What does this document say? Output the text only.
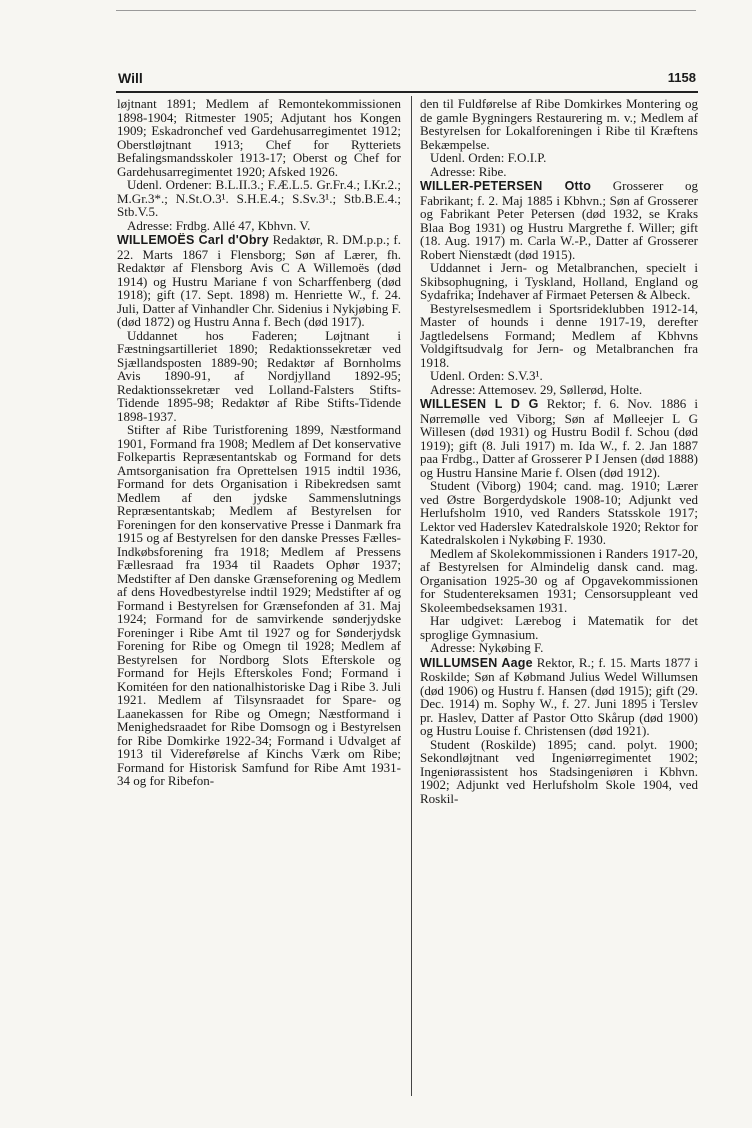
Will	1158

løjtnant 1891; Medlem af Remontekommissionen 1898-1904; Ritmester 1905; Adjutant hos Kongen 1909; Eskadronchef ved Gardehusarregimentet 1912; Oberstløjtnant 1913; Chef for Rytteriets Befalingsmandsskoler 1913-17; Oberst og Chef for Gardehusarregimentet 1920; Afsked 1926.

Udenl. Ordener: B.L.II.3.; F.Æ.L.5. Gr.Fr.4.; I.Kr.2.; M.Gr.3*.; N.St.O.3¹. S.H.E.4.; S.Sv.3¹.; Stb.B.E.4.; Stb.V.5.

Adresse: Frdbg. Allé 47, Kbhvn. V.

WILLEMOËS Carl d'Obry Redaktør, R. DM.p.p.; f. 22. Marts 1867 i Flensborg; Søn af Lærer, fh. Redaktør af Flensborg Avis C A Willemoës (død 1914) og Hustru Mariane f von Scharffenberg (død 1918); gift (17. Sept. 1898) m. Henriette W., f. 24. Juli, Datter af Vinhandler Chr. Sidenius i Nykjøbing F. (død 1872) og Hustru Anna f. Bech (død 1917).

Uddannet hos Faderen; Løjtnant i Fæstningsartilleriet 1890; Redaktionssekretær ved Sjællandsposten 1889-90; Redaktør af Bornholms Avis 1890-91, af Nordjylland 1892-95; Redaktionssekretær ved Lolland-Falsters Stifts-Tidende 1895-98; Redaktør af Ribe Stifts-Tidende 1898-1937.

Stifter af Ribe Turistforening 1899, Næstformand 1901, Formand fra 1908; Medlem af Det konservative Folkepartis Repræsentantskab og Formand for dets Amtsorganisation fra Oprettelsen 1915 indtil 1936, Formand for dets Organisation i Ribekredsen samt Medlem af den jydske Sammenslutnings Repræsentantskab; Medlem af Bestyrelsen for Foreningen for den konservative Presse i Danmark fra 1915 og af Bestyrelsen for den danske Presses Fælles-Indkøbsforening fra 1918; Medlem af Pressens Fællesraad fra 1934 til Raadets Ophør 1937; Medstifter af Den danske Grænseforening og Medlem af dens Hovedbestyrelse indtil 1929; Medstifter af og Formand i Bestyrelsen for Grænsefonden af 31. Maj 1924; Formand for de samvirkende sønderjydske Foreninger i Ribe Amt til 1927 og for Sønderjydsk Forening for Ribe og Omegn til 1928; Medlem af Bestyrelsen for Nordborg Slots Efterskole og Formand for Hejls Efterskoles Fond; Formand i Komitéen for den nationalhistoriske Dag i Ribe 3. Juli 1921. Medlem af Tilsynsraadet for Spare- og Laanekassen for Ribe og Omegn; Næstformand i Menighedsraadet for Ribe Domsogn og i Bestyrelsen for Ribe Domkirke 1922-34; Formand i Udvalget af 1913 til Videreførelse af Kinchs Værk om Ribe; Formand for Historisk Samfund for Ribe Amt 1931-34 og for Ribefon-

den til Fuldførelse af Ribe Domkirkes Montering og de gamle Bygningers Restaurering m. v.; Medlem af Bestyrelsen for Lokalforeningen i Ribe til Kræftens Bekæmpelse.

Udenl. Orden: F.O.I.P.

Adresse: Ribe.

WILLER-PETERSEN Otto Grosserer og Fabrikant; f. 2. Maj 1885 i Kbhvn.; Søn af Grosserer og Fabrikant Peter Petersen (død 1932, se Kraks Blaa Bog 1931) og Hustru Margrethe f. Willer; gift (18. Aug. 1917) m. Carla W.-P., Datter af Grosserer Robert Nienstædt (død 1915).

Uddannet i Jern- og Metalbranchen, specielt i Skibsophugning, i Tyskland, Holland, England og Sydafrika; Indehaver af Firmaet Petersen & Albeck.

Bestyrelsesmedlem i Sportsrideklubben 1912-14, Master of hounds i denne 1917-19, derefter Jagtledelsens Formand; Medlem af Kbhvns Voldgiftsudvalg for Jern- og Metalbranchen fra 1918.

Udenl. Orden: S.V.3¹.

Adresse: Attemosev. 29, Søllerød, Holte.

WILLESEN L D G Rektor; f. 6. Nov. 1886 i Nørremølle ved Viborg; Søn af Mølleejer L G Willesen (død 1931) og Hustru Bodil f. Schou (død 1919); gift (8. Juli 1917) m. Ida W., f. 2. Jan 1887 paa Frdbg., Datter af Grosserer P I Jensen (død 1888) og Hustru Hansine Marie f. Olsen (død 1912).

Student (Viborg) 1904; cand. mag. 1910; Lærer ved Østre Borgerdydskole 1908-10; Adjunkt ved Herlufsholm 1910, ved Randers Statsskole 1917; Lektor ved Haderslev Katedralskole 1920; Rektor for Katedralskolen i Nykøbing F. 1930.

Medlem af Skolekommissionen i Randers 1917-20, af Bestyrelsen for Almindelig dansk cand. mag. Organisation 1925-30 og af Opgavekommissionen for Studentereksamen 1931; Censorsuppleant ved Skoleembedseksamen 1931.

Har udgivet: Lærebog i Matematik for det sproglige Gymnasium.

Adresse: Nykøbing F.

WILLUMSEN Aage Rektor, R.; f. 15. Marts 1877 i Roskilde; Søn af Købmand Julius Wedel Willumsen (død 1906) og Hustru f. Hansen (død 1915); gift (29. Dec. 1914) m. Sophy W., f. 27. Juni 1895 i Terslev pr. Haslev, Datter af Pastor Otto Skårup (død 1900) og Hustru Louise f. Christensen (død 1921).

Student (Roskilde) 1895; cand. polyt. 1900; Sekondløjtnant ved Ingeniørregimentet 1902; Ingeniørassistent hos Stadsingeniøren i Kbhvn. 1902; Adjunkt ved Herlufsholm Skole 1904, ved Roskil-
